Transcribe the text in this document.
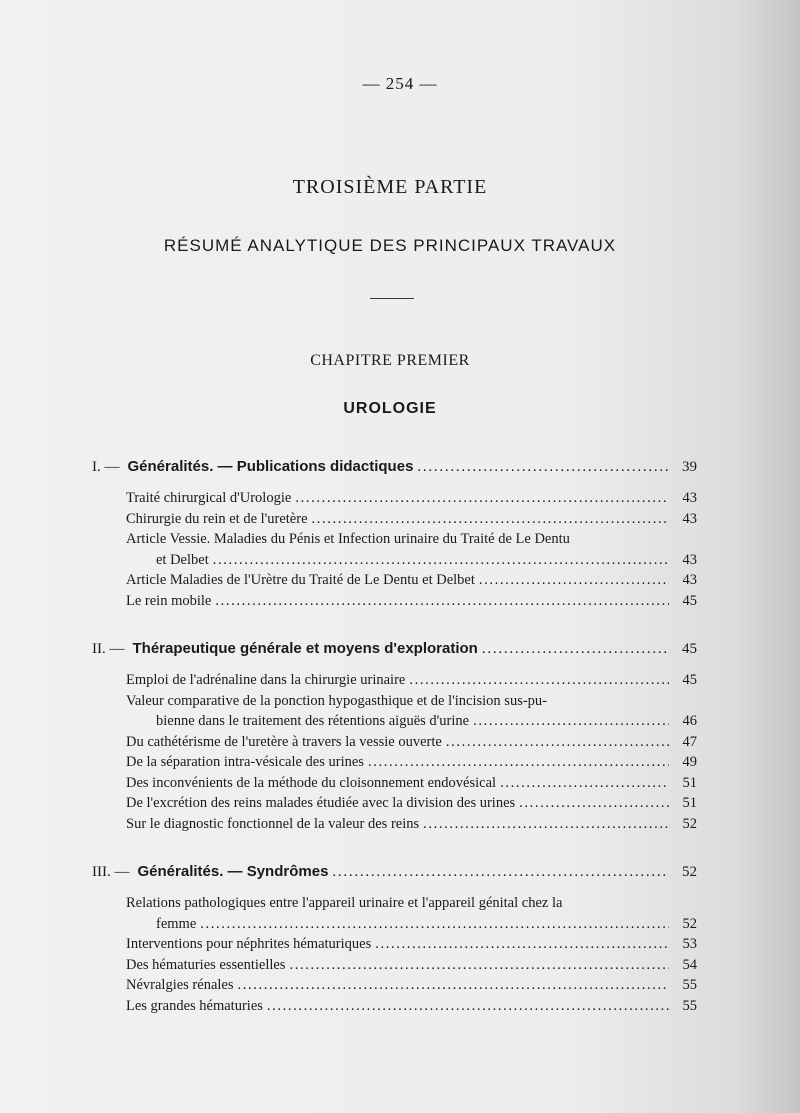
— 254 —
TROISIÈME PARTIE
RÉSUMÉ ANALYTIQUE DES PRINCIPAUX TRAVAUX
CHAPITRE PREMIER
UROLOGIE
I. — Généralités. — Publications didactiques . . .	39
Traité chirurgical d'Urologie . . .	43
Chirurgie du rein et de l'uretère . . .	43
Article Vessie. Maladies du Pénis et Infection urinaire du Traité de Le Dentu
et Delbet . . .	43
Article Maladies de l'Urètre du Traité de Le Dentu et Delbet . . .	43
Le rein mobile . . .	45
II. — Thérapeutique générale et moyens d'exploration . . .	45
Emploi de l'adrénaline dans la chirurgie urinaire . . .	45
Valeur comparative de la ponction hypogasthique et de l'incision sus-pu-
bienne dans le traitement des rétentions aiguës d'urine . . .	46
Du cathétérisme de l'uretère à travers la vessie ouverte . . .	47
De la séparation intra-vésicale des urines . . .	49
Des inconvénients de la méthode du cloisonnement endovésical . . .	51
De l'excrétion des reins malades étudiée avec la division des urines . . .	51
Sur le diagnostic fonctionnel de la valeur des reins . . .	52
III. — Généralités. — Syndrômes . . .	52
Relations pathologiques entre l'appareil urinaire et l'appareil génital chez la
femme . . .	52
Interventions pour néphrites hématuriques . . .	53
Des hématuries essentielles . . .	54
Névralgies rénales . . .	55
Les grandes hématuries . . .	55
